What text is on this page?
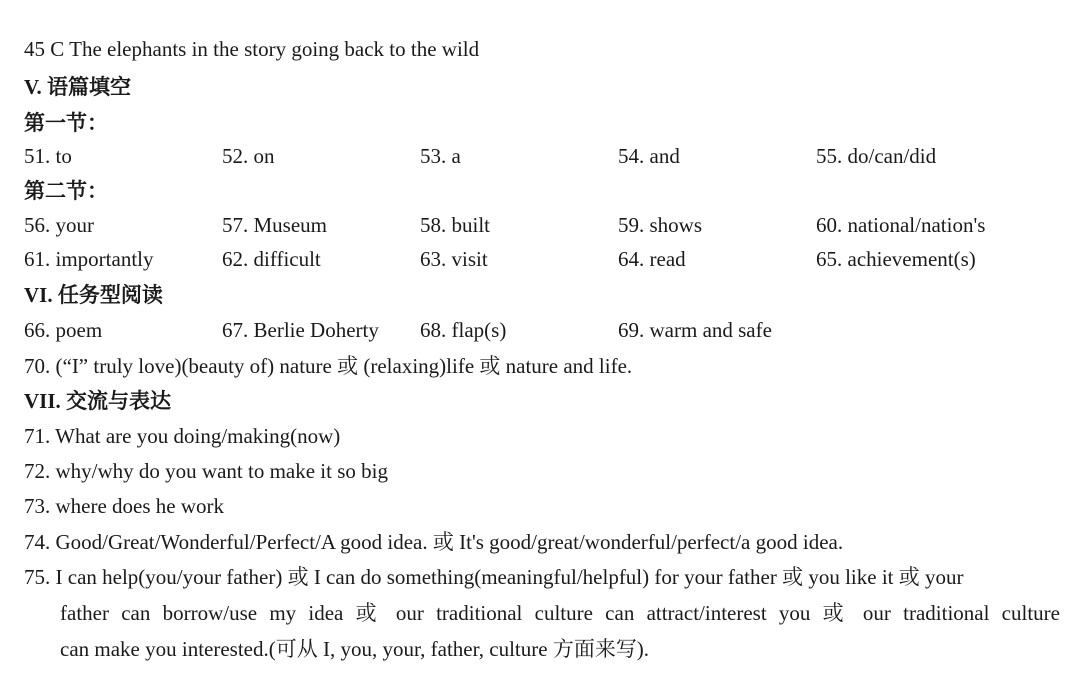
45 C The elephants in the story going back to the wild
V. 语篇填空
第一节：
51. to	52. on	53. a	54. and	55. do/can/did
第二节：
56. your	57. Museum	58. built	59. shows	60. national/nation's
61. importantly	62. difficult	63. visit	64. read	65. achievement(s)
VI. 任务型阅读
66. poem	67. Berlie Doherty	68. flap(s)	69. warm and safe
70. (“I” truly love)(beauty of) nature 或 (relaxing)life 或 nature and life.
VII. 交流与表达
71. What are you doing/making(now)
72. why/why do you want to make it so big
73. where does he work
74. Good/Great/Wonderful/Perfect/A good idea. 或 It's good/great/wonderful/perfect/a good idea.
75. I can help(you/your father) 或 I can do something(meaningful/helpful) for your father 或 you like it 或 your
father can borrow/use my idea 或 our traditional culture can attract/interest you 或 our traditional culture
can make you interested.(可从 I, you, your, father, culture 方面来写).
